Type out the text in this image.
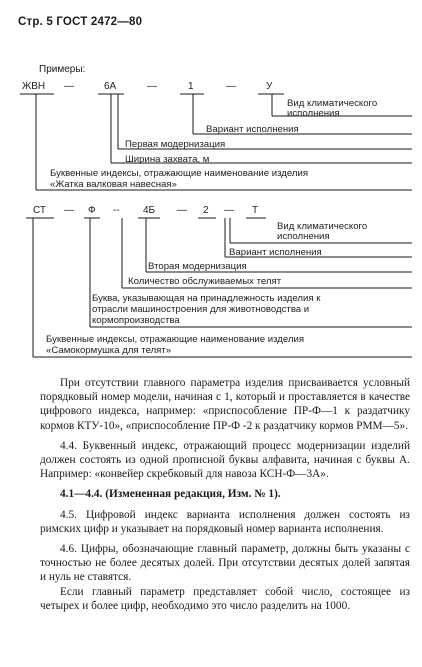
Стр. 5 ГОСТ 2472—80
Примеры:
ЖВН —	6А	—	1	—	У
Вид климатического
исполнения
Вариант исполнения
Первая модернизация
Ширина захвата, м
Буквенные индексы, отражающие наименование изделия
«Жатка валковая навесная»
СТ — Ф -- 4Б — 2 — Т
Вид климатического
исполнения
Вариант исполнения
Вторая модернизация
Количество обслуживаемых телят
Буква, указывающая на принадлежность изделия к
отрасли машиностроения для животноводства и
кормопроизводства
Буквенные индексы, отражающие наименование изделия
«Самокормушка для телят»

При отсутствии главного параметра изделия присваивается условный порядковый номер модели, начиная с 1, который и проставляется в качестве цифрового индекса, например: «приспособление ПР-Ф—1 к раздатчику кормов КТУ-10», «приспособление ПР-Ф -2 к раздатчику кормов РММ—5».

4.4. Буквенный индекс, отражающий процесс модернизации изделий должен состоять из одной прописной буквы алфавита, начиная с буквы А. Например: «конвейер скребковый для навоза КСН-Ф—3А».

4.1—4.4. (Измененная редакция, Изм. № 1).

4.5. Цифровой индекс варианта исполнения должен состоять из римских цифр и указывает на порядковый номер варианта исполнения.

4.6. Цифры, обозначающие главный параметр, должны быть указаны с точностью не более десятых долей. При отсутствии десятых долей запятая и нуль не ставятся.

Если главный параметр представляет собой число, состоящее из четырех и более цифр, необходимо это число разделить на 1000.
